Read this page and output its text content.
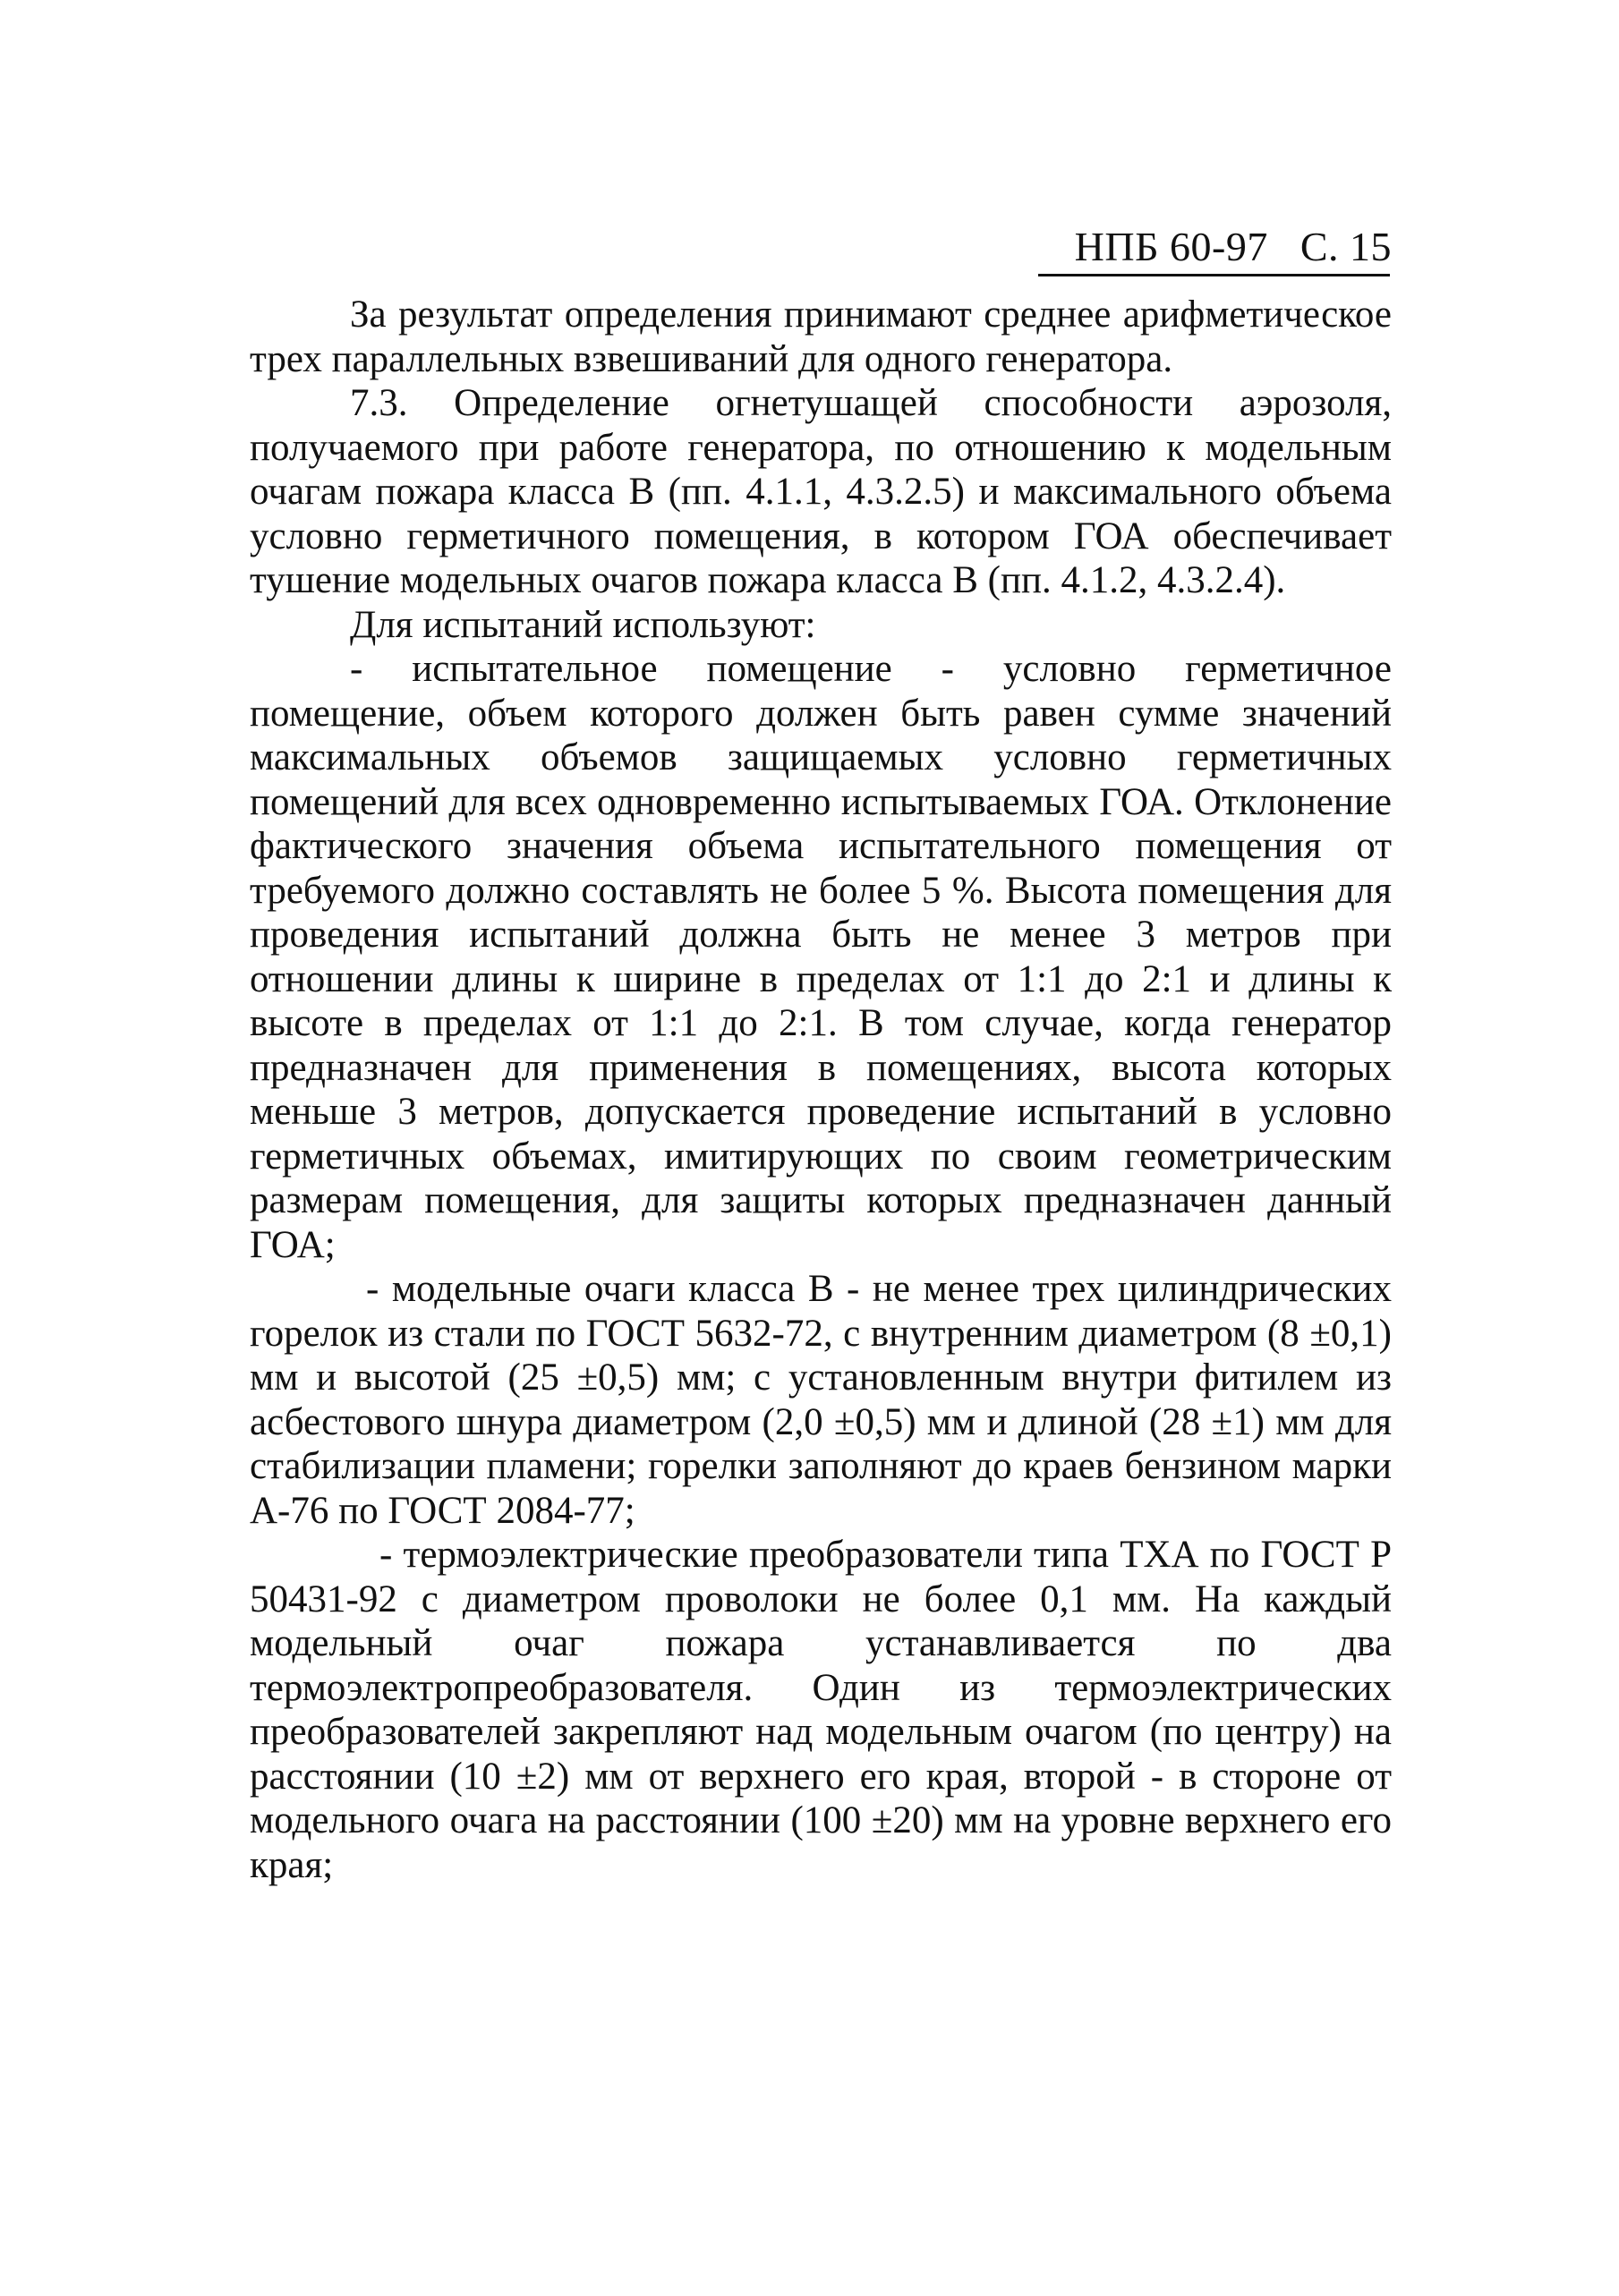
НПБ 60-97 С. 15

За результат определения принимают среднее арифметическое трех параллельных взвешиваний для одного генератора.

7.3. Определение огнетушащей способности аэрозоля, получаемого при работе генератора, по отношению к модельным очагам пожара класса В (пп. 4.1.1, 4.3.2.5) и максимального объема условно герметичного помещения, в котором ГОА обеспечивает тушение модельных очагов пожара класса В (пп. 4.1.2, 4.3.2.4).

Для испытаний используют:

- испытательное помещение - условно герметичное помещение, объем которого должен быть равен сумме значений максимальных объемов защищаемых условно герметичных помещений для всех одновременно испытываемых ГОА. Отклонение фактического значения объема испытательного помещения от требуемого должно составлять не более 5 %. Высота помещения для проведения испытаний должна быть не менее 3 метров при отношении длины к ширине в пределах от 1:1 до 2:1 и длины к высоте в пределах от 1:1 до 2:1. В том случае, когда генератор предназначен для применения в помещениях, высота которых меньше 3 метров, допускается проведение испытаний в условно герметичных объемах, имитирующих по своим геометрическим размерам помещения, для защиты которых предназначен данный ГОА;

- модельные очаги класса В - не менее трех цилиндрических горелок из стали по ГОСТ 5632-72, с внутренним диаметром (8 ±0,1) мм и высотой (25 ±0,5) мм; с установленным внутри фитилем из асбестового шнура диаметром (2,0 ±0,5) мм и длиной (28 ±1) мм для стабилизации пламени; горелки заполняют до краев бензином марки А-76 по ГОСТ 2084-77;

- термоэлектрические преобразователи типа ТХА по ГОСТ Р 50431-92 с диаметром проволоки не более 0,1 мм. На каждый модельный очаг пожара устанавливается по два термоэлектропреобразователя. Один из термоэлектрических преобразователей закрепляют над модельным очагом (по центру) на расстоянии (10 ±2) мм от верхнего его края, второй - в стороне от модельного очага на расстоянии (100 ±20) мм на уровне верхнего его края;
